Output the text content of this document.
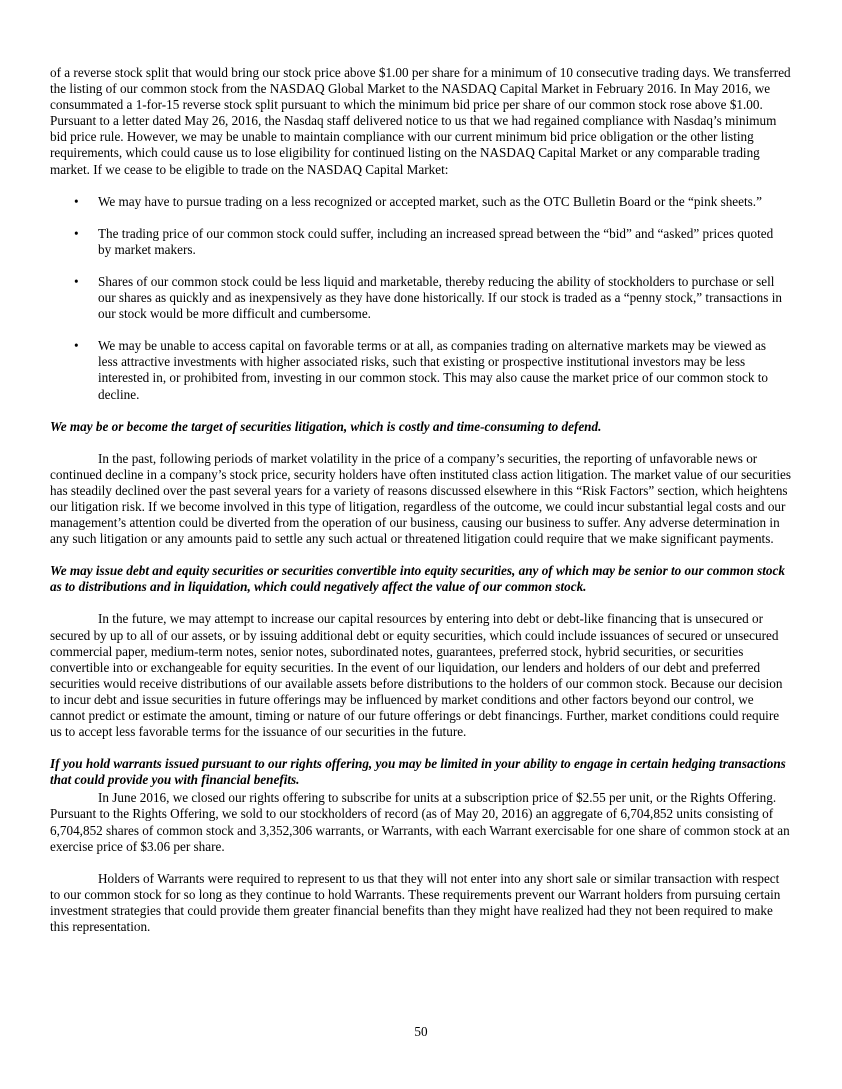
of a reverse stock split that would bring our stock price above $1.00 per share for a minimum of 10 consecutive trading days. We transferred the listing of our common stock from the NASDAQ Global Market to the NASDAQ Capital Market in February 2016. In May 2016, we consummated a 1-for-15 reverse stock split pursuant to which the minimum bid price per share of our common stock rose above $1.00. Pursuant to a letter dated May 26, 2016, the Nasdaq staff delivered notice to us that we had regained compliance with Nasdaq’s minimum bid price rule. However, we may be unable to maintain compliance with our current minimum bid price obligation or the other listing requirements, which could cause us to lose eligibility for continued listing on the NASDAQ Capital Market or any comparable trading market. If we cease to be eligible to trade on the NASDAQ Capital Market:

• We may have to pursue trading on a less recognized or accepted market, such as the OTC Bulletin Board or the “pink sheets.”
• The trading price of our common stock could suffer, including an increased spread between the “bid” and “asked” prices quoted by market makers.
• Shares of our common stock could be less liquid and marketable, thereby reducing the ability of stockholders to purchase or sell our shares as quickly and as inexpensively as they have done historically. If our stock is traded as a “penny stock,” transactions in our stock would be more difficult and cumbersome.
• We may be unable to access capital on favorable terms or at all, as companies trading on alternative markets may be viewed as less attractive investments with higher associated risks, such that existing or prospective institutional investors may be less interested in, or prohibited from, investing in our common stock. This may also cause the market price of our common stock to decline.

We may be or become the target of securities litigation, which is costly and time-consuming to defend.

In the past, following periods of market volatility in the price of a company’s securities, the reporting of unfavorable news or continued decline in a company’s stock price, security holders have often instituted class action litigation. The market value of our securities has steadily declined over the past several years for a variety of reasons discussed elsewhere in this “Risk Factors” section, which heightens our litigation risk. If we become involved in this type of litigation, regardless of the outcome, we could incur substantial legal costs and our management’s attention could be diverted from the operation of our business, causing our business to suffer. Any adverse determination in any such litigation or any amounts paid to settle any such actual or threatened litigation could require that we make significant payments.

We may issue debt and equity securities or securities convertible into equity securities, any of which may be senior to our common stock as to distributions and in liquidation, which could negatively affect the value of our common stock.

In the future, we may attempt to increase our capital resources by entering into debt or debt-like financing that is unsecured or secured by up to all of our assets, or by issuing additional debt or equity securities, which could include issuances of secured or unsecured commercial paper, medium-term notes, senior notes, subordinated notes, guarantees, preferred stock, hybrid securities, or securities convertible into or exchangeable for equity securities. In the event of our liquidation, our lenders and holders of our debt and preferred securities would receive distributions of our available assets before distributions to the holders of our common stock. Because our decision to incur debt and issue securities in future offerings may be influenced by market conditions and other factors beyond our control, we cannot predict or estimate the amount, timing or nature of our future offerings or debt financings. Further, market conditions could require us to accept less favorable terms for the issuance of our securities in the future.

If you hold warrants issued pursuant to our rights offering, you may be limited in your ability to engage in certain hedging transactions that could provide you with financial benefits.

In June 2016, we closed our rights offering to subscribe for units at a subscription price of $2.55 per unit, or the Rights Offering. Pursuant to the Rights Offering, we sold to our stockholders of record (as of May 20, 2016) an aggregate of 6,704,852 units consisting of 6,704,852 shares of common stock and 3,352,306 warrants, or Warrants, with each Warrant exercisable for one share of common stock at an exercise price of $3.06 per share.

Holders of Warrants were required to represent to us that they will not enter into any short sale or similar transaction with respect to our common stock for so long as they continue to hold Warrants. These requirements prevent our Warrant holders from pursuing certain investment strategies that could provide them greater financial benefits than they might have realized had they not been required to make this representation.

50
